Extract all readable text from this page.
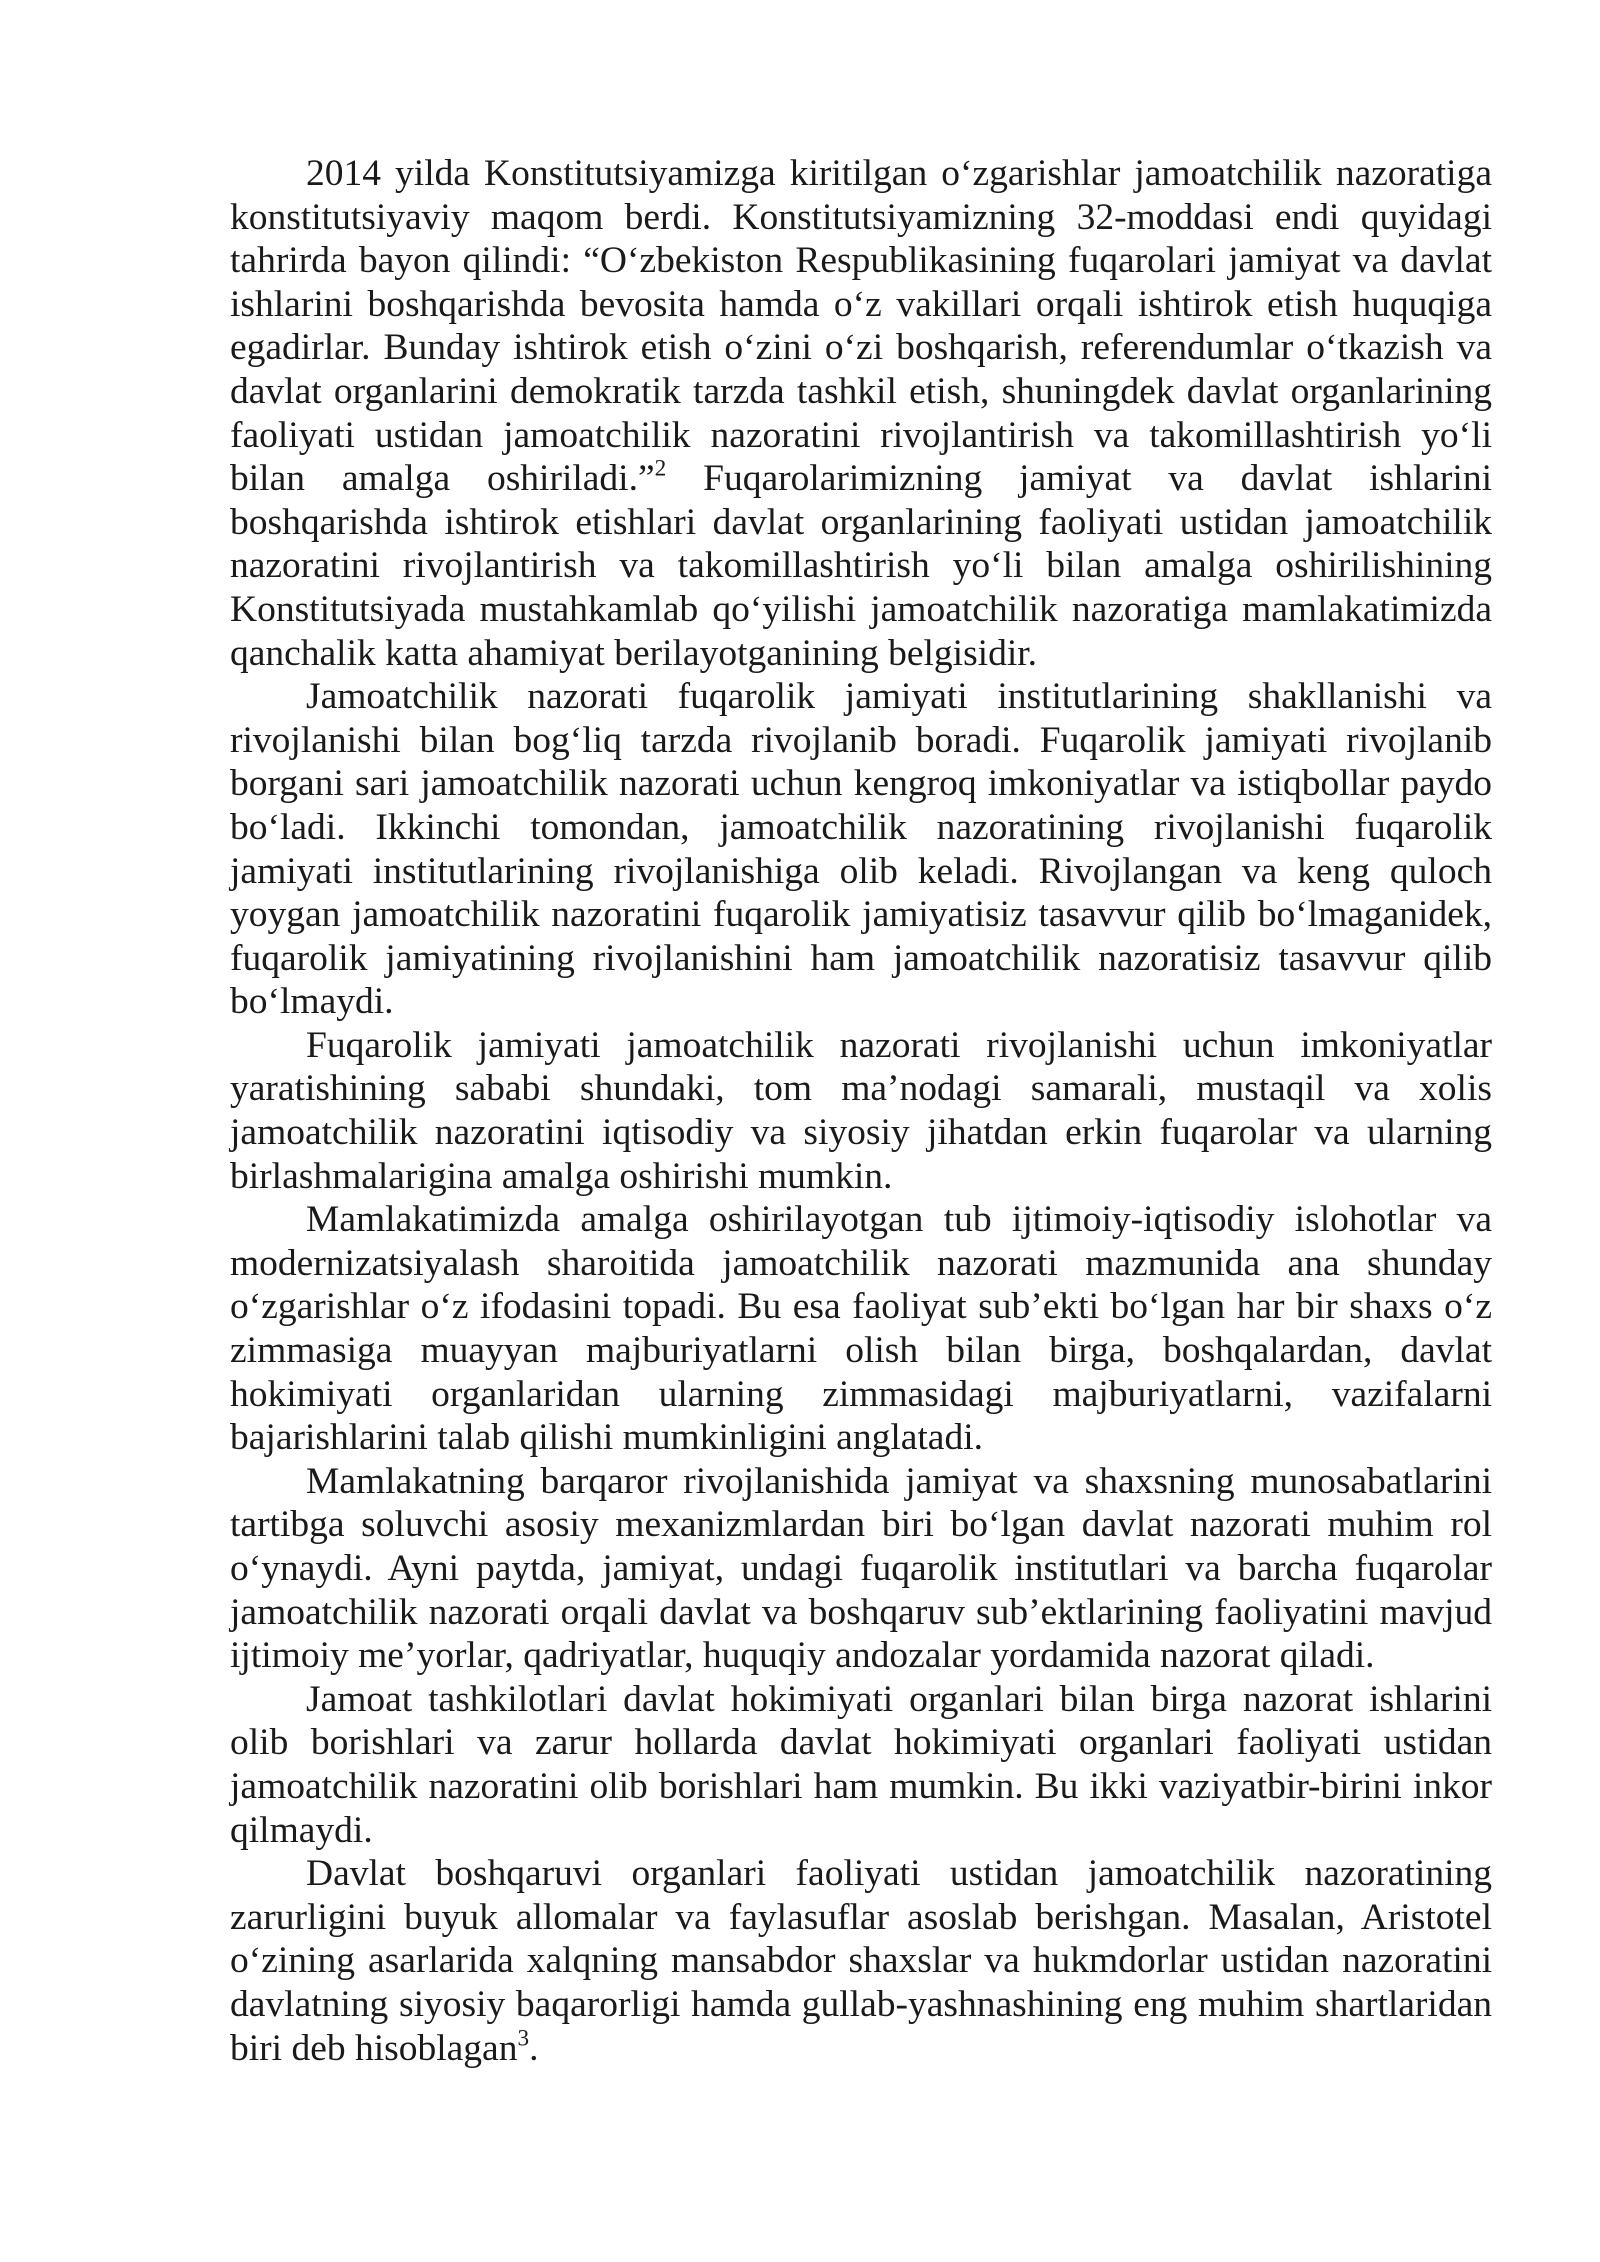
2014 yilda Konstitutsiyamizga kiritilgan o‘zgarishlar jamoatchilik nazoratiga
konstitutsiyaviy maqom berdi. Konstitutsiyamizning 32-moddasi endi quyidagi
tahrirda bayon qilindi: “O‘zbekiston Respublikasining fuqarolari jamiyat va davlat
ishlarini boshqarishda bevosita hamda o‘z vakillari orqali ishtirok etish huquqiga
egadirlar. Bunday ishtirok etish o‘zini o‘zi boshqarish, referendumlar o‘tkazish va
davlat organlarini demokratik tarzda tashkil etish, shuningdek davlat organlarining
faoliyati ustidan jamoatchilik nazoratini rivojlantirish va takomillashtirish yo‘li
bilan amalga oshiriladi.”$^2$ Fuqarolarimizning jamiyat va davlat ishlarini
boshqarishda ishtirok etishlari davlat organlarining faoliyati ustidan jamoatchilik
nazoratini rivojlantirish va takomillashtirish yo‘li bilan amalga oshirilishining
Konstitutsiyada mustahkamlab qo‘yilishi jamoatchilik nazoratiga mamlakatimizda
qanchalik katta ahamiyat berilayotganining belgisidir.
Jamoatchilik nazorati fuqarolik jamiyati institutlarining shakllanishi va
rivojlanishi bilan bog‘liq tarzda rivojlanib boradi. Fuqarolik jamiyati rivojlanib
borgani sari jamoatchilik nazorati uchun kengroq imkoniyatlar va istiqbollar paydo
bo‘ladi. Ikkinchi tomondan, jamoatchilik nazoratining rivojlanishi fuqarolik
jamiyati institutlarining rivojlanishiga olib keladi. Rivojlangan va keng quloch
yoygan jamoatchilik nazoratini fuqarolik jamiyatisiz tasavvur qilib bo‘lmaganidek,
fuqarolik jamiyatining rivojlanishini ham jamoatchilik nazoratisiz tasavvur qilib
bo‘lmaydi.
Fuqarolik jamiyati jamoatchilik nazorati rivojlanishi uchun imkoniyatlar
yaratishining sababi shundaki, tom ma’nodagi samarali, mustaqil va xolis
jamoatchilik nazoratini iqtisodiy va siyosiy jihatdan erkin fuqarolar va ularning
birlashmalarigina amalga oshirishi mumkin.
Mamlakatimizda amalga oshirilayotgan tub ijtimoiy-iqtisodiy islohotlar va
modernizatsiyalash sharoitida jamoatchilik nazorati mazmunida ana shunday
o‘zgarishlar o‘z ifodasini topadi. Bu esa faoliyat sub’ekti bo‘lgan har bir shaxs o‘z
zimmasiga muayyan majburiyatlarni olish bilan birga, boshqalardan, davlat
hokimiyati organlaridan ularning zimmasidagi majburiyatlarni, vazifalarni
bajarishlarini talab qilishi mumkinligini anglatadi.
Mamlakatning barqaror rivojlanishida jamiyat va shaxsning munosabatlarini
tartibga soluvchi asosiy mexanizmlardan biri bo‘lgan davlat nazorati muhim rol
o‘ynaydi. Ayni paytda, jamiyat, undagi fuqarolik institutlari va barcha fuqarolar
jamoatchilik nazorati orqali davlat va boshqaruv sub’ektlarining faoliyatini mavjud
ijtimoiy me’yorlar, qadriyatlar, huquqiy andozalar yordamida nazorat qiladi.
Jamoat tashkilotlari davlat hokimiyati organlari bilan birga nazorat ishlarini
olib borishlari va zarur hollarda davlat hokimiyati organlari faoliyati ustidan
jamoatchilik nazoratini olib borishlari ham mumkin. Bu ikki vaziyatbir-birini inkor
qilmaydi.
Davlat boshqaruvi organlari faoliyati ustidan jamoatchilik nazoratining
zarurligini buyuk allomalar va faylasuflar asoslab berishgan. Masalan, Aristotel
o‘zining asarlarida xalqning mansabdor shaxslar va hukmdorlar ustidan nazoratini
davlatning siyosiy baqarorligi hamda gullab-yashnashining eng muhim shartlaridan
biri deb hisoblagan$^3$.
